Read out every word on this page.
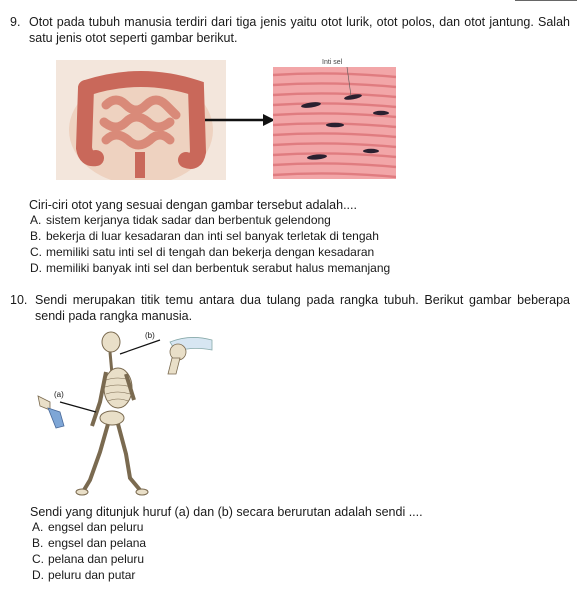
9. Otot pada tubuh manusia terdiri dari tiga jenis yaitu otot lurik, otot polos, dan otot jantung. Salah satu jenis otot seperti gambar berikut.
Inti sel
Ciri-ciri otot yang sesuai dengan gambar tersebut adalah....
A. sistem kerjanya tidak sadar dan berbentuk gelendong
B. bekerja di luar kesadaran dan inti sel banyak terletak di tengah
C. memiliki satu inti sel di tengah dan bekerja dengan kesadaran
D. memiliki banyak inti sel dan berbentuk serabut halus memanjang
10. Sendi merupakan titik temu antara dua tulang pada rangka tubuh. Berikut gambar beberapa sendi pada rangka manusia.
(b)
(a)
Sendi yang ditunjuk huruf (a) dan (b) secara berurutan adalah sendi ....
A. engsel dan peluru
B. engsel dan pelana
C. pelana dan peluru
D. peluru dan putar
